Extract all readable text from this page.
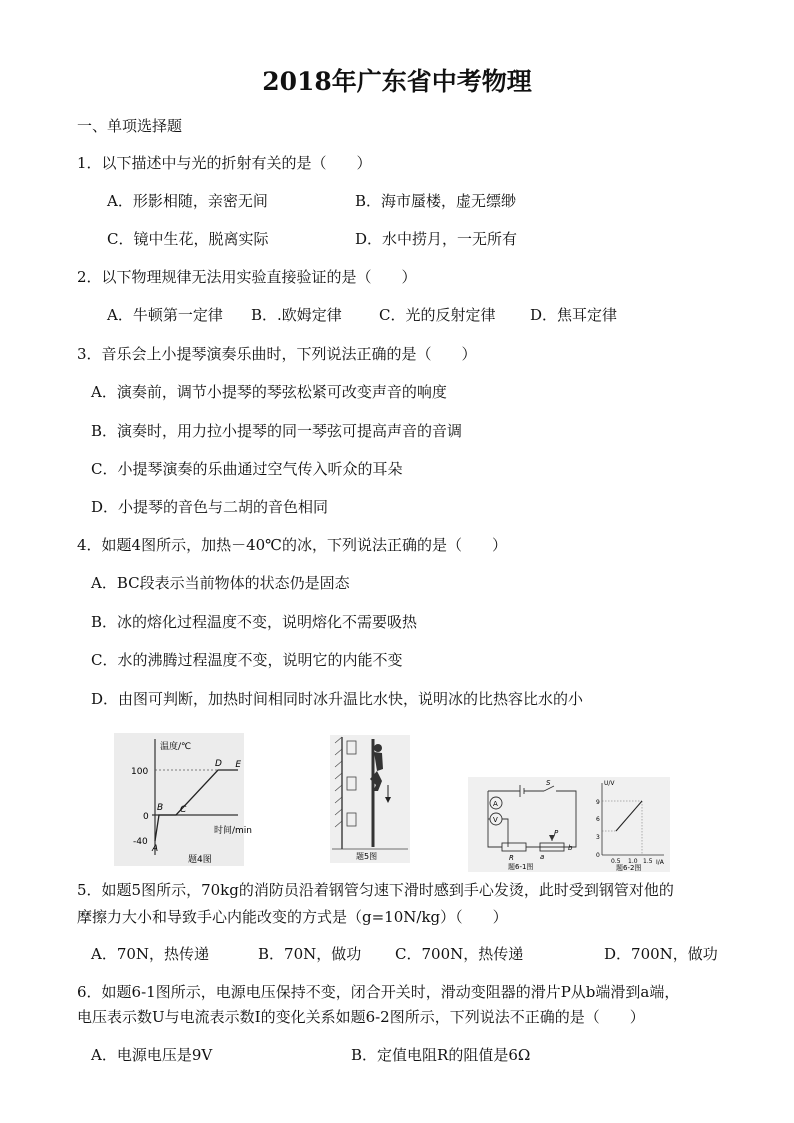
2018年广东省中考物理
一、单项选择题
1．以下描述中与光的折射有关的是（　　）
A．形影相随，亲密无间	B．海市蜃楼，虚无缥缈
C．镜中生花，脱离实际	D．水中捞月，一无所有
2．以下物理规律无法用实验直接验证的是（　　）
A．牛顿第一定律 B．.欧姆定律 C．光的反射定律 D．焦耳定律
3．音乐会上小提琴演奏乐曲时，下列说法正确的是（　　）
A．演奏前，调节小提琴的琴弦松紧可改变声音的响度
B．演奏时，用力拉小提琴的同一琴弦可提高声音的音调
C．小提琴演奏的乐曲通过空气传入听众的耳朵
D．小提琴的音色与二胡的音色相同
4．如题4图所示，加热－40℃的冰，下列说法正确的是（　　）
A．BC段表示当前物体的状态仍是固态
B．冰的熔化过程温度不变，说明熔化不需要吸热
C．水的沸腾过程温度不变，说明它的内能不变
D．由图可判断，加热时间相同时冰升温比水快，说明冰的比热容比水的小
温度/℃
时间/min
100
0
-40
A
B C
D E
题4图	题5图
A
V
S
P
R	a
b
题6-1图
U/V
I/A
9
6
3
0
0.5 1.0 1.5
题6-2图
5．如题5图所示，70kg的消防员沿着钢管匀速下滑时感到手心发烫，此时受到钢管对他的
摩擦力大小和导致手心内能改变的方式是（g=10N/kg）（　　）
A．70N，热传递	B．70N，做功 C．700N，热传递	D．700N，做功
6．如题6-1图所示，电源电压保持不变，闭合开关时，滑动变阻器的滑片P从b端滑到a端，
电压表示数U与电流表示数I的变化关系如题6-2图所示，下列说法不正确的是（　　）
A．电源电压是9V	B．定值电阻R的阻值是6Ω
